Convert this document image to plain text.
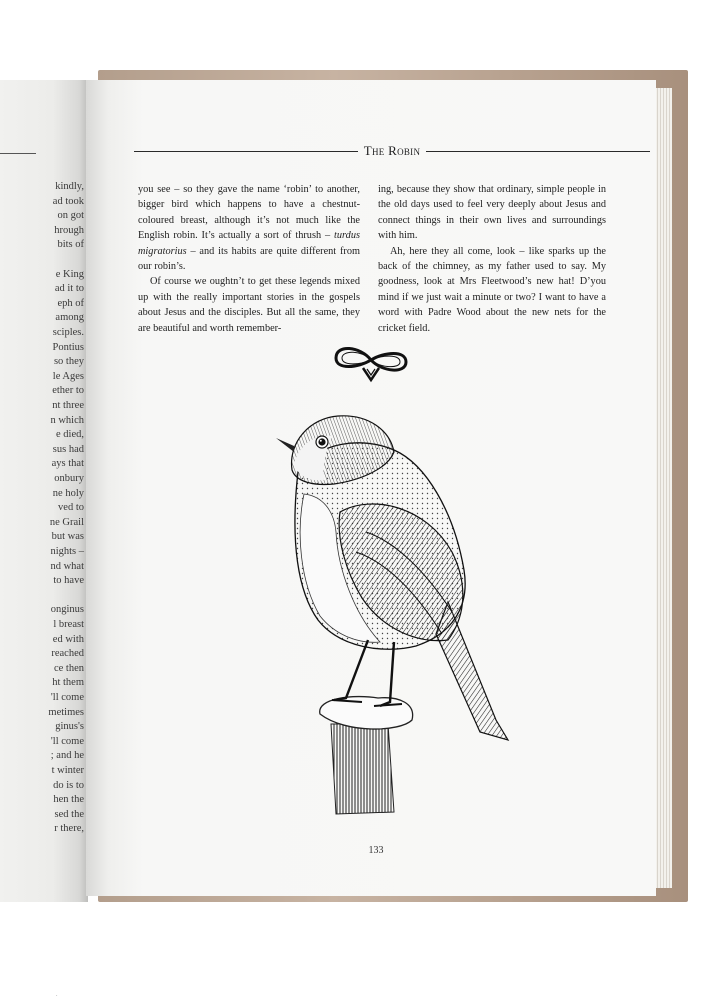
kindly,
ad took
on got
hrough
bits of
e King
ad it to
eph of
among
sciples.
Pontius
so they
le Ages
ether to
nt three
n which
e died,
sus had
ays that
onbury
ne holy
ved to
ne Grail
but was
nights –
nd what
to have
onginus
l breast
ed with
reached
ce then
ht them
'll come
metimes
ginus's
'll come
; and he
t winter
do is to
hen the
sed the
r there,
The Robin

you see – so they gave the name ‘robin’ to another, bigger bird which happens to have a chestnut-coloured breast, although it’s not much like the English robin. It’s actually a sort of thrush – turdus migratorius – and its habits are quite different from our robin’s.

Of course we oughtn’t to get these legends mixed up with the really important stories in the gospels about Jesus and the disciples. But all the same, they are beautiful and worth remember-

ing, because they show that ordinary, simple people in the old days used to feel very deeply about Jesus and connect things in their own lives and surroundings with him.

Ah, here they all come, look – like sparks up the back of the chimney, as my father used to say. My goodness, look at Mrs Fleetwood’s new hat! D’you mind if we just wait a minute or two? I want to have a word with Padre Wood about the new nets for the cricket field.

133
.
